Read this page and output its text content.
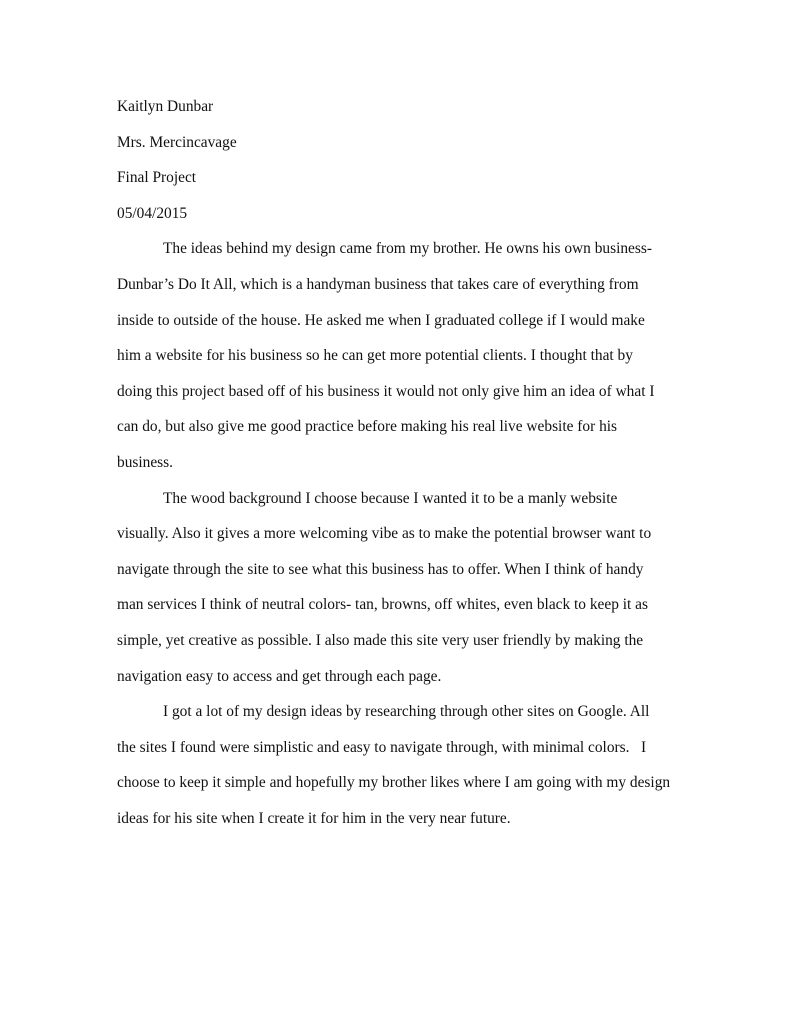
Kaitlyn Dunbar
Mrs. Mercincavage
Final Project
05/04/2015
The ideas behind my design came from my brother. He owns his own business-
Dunbar’s Do It All, which is a handyman business that takes care of everything from
inside to outside of the house. He asked me when I graduated college if I would make
him a website for his business so he can get more potential clients. I thought that by
doing this project based off of his business it would not only give him an idea of what I
can do, but also give me good practice before making his real live website for his
business.
The wood background I choose because I wanted it to be a manly website
visually. Also it gives a more welcoming vibe as to make the potential browser want to
navigate through the site to see what this business has to offer. When I think of handy
man services I think of neutral colors- tan, browns, off whites, even black to keep it as
simple, yet creative as possible. I also made this site very user friendly by making the
navigation easy to access and get through each page.
I got a lot of my design ideas by researching through other sites on Google. All
the sites I found were simplistic and easy to navigate through, with minimal colors.   I
choose to keep it simple and hopefully my brother likes where I am going with my design
ideas for his site when I create it for him in the very near future.
